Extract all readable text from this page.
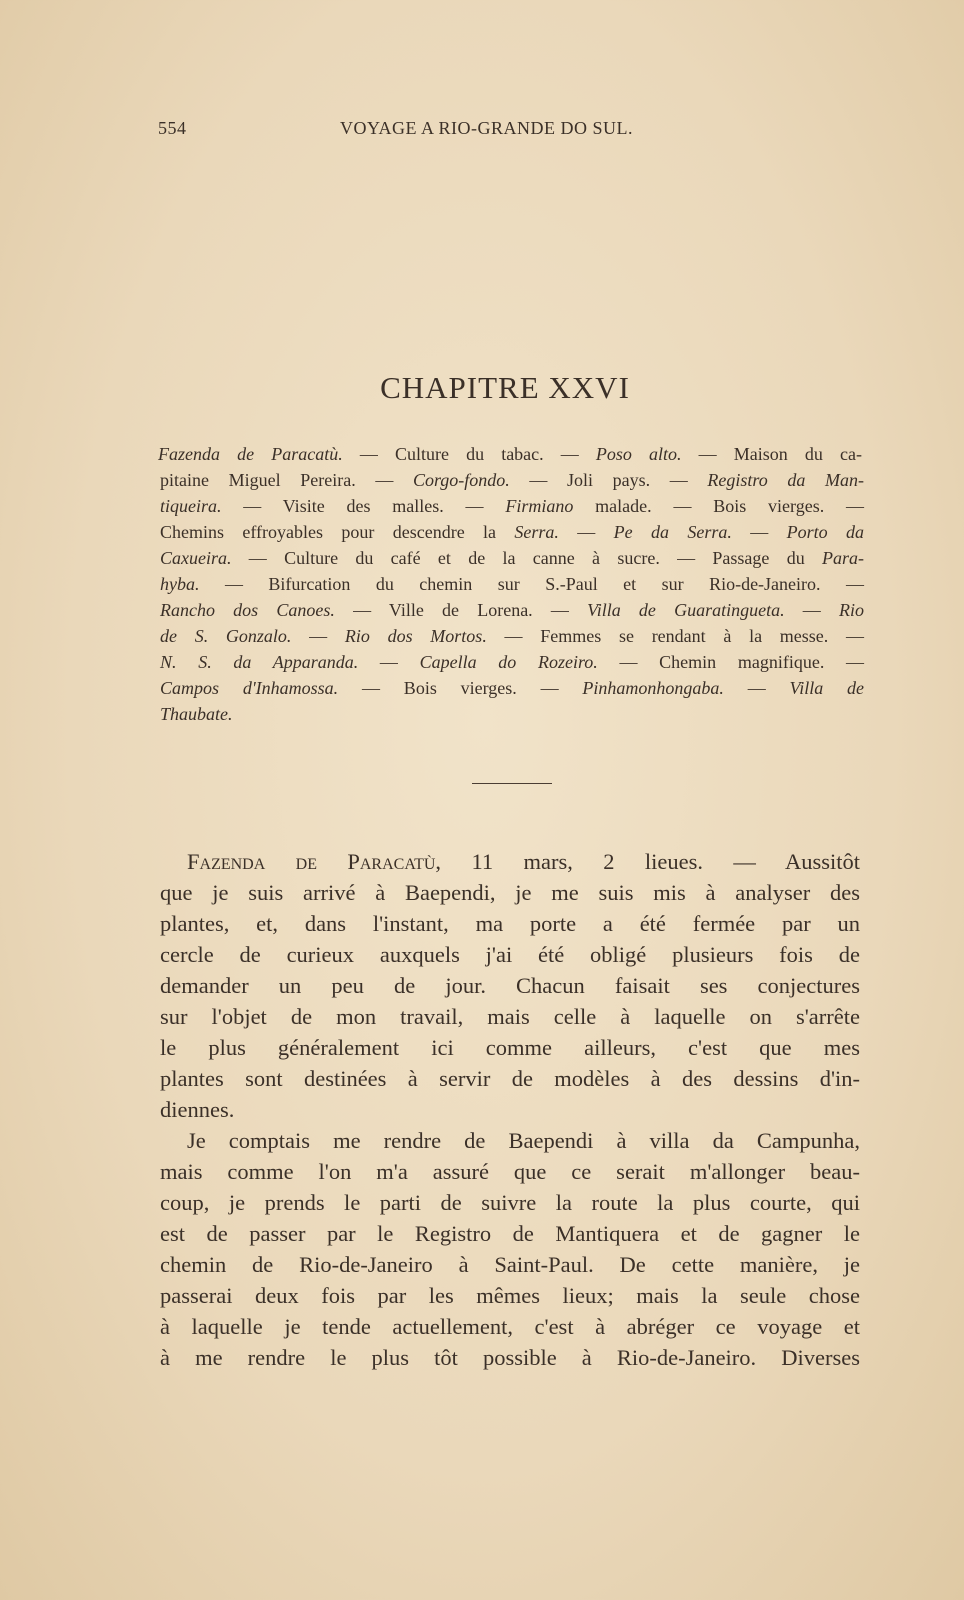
554	VOYAGE A RIO-GRANDE DO SUL.
CHAPITRE XXVI
Fazenda de Paracatù. — Culture du tabac. — Poso alto. — Maison du ca-
pitaine Miguel Pereira. — Corgo-fondo. — Joli pays. — Registro da Man-
tiqueira. — Visite des malles. — Firmiano malade. — Bois vierges. —
Chemins effroyables pour descendre la Serra. — Pe da Serra. — Porto da
Caxueira. — Culture du café et de la canne à sucre. — Passage du Para-
hyba. — Bifurcation du chemin sur S.-Paul et sur Rio-de-Janeiro. —
Rancho dos Canoes. — Ville de Lorena. — Villa de Guaratingueta. — Rio
de S. Gonzalo. — Rio dos Mortos. — Femmes se rendant à la messe. —
N. S. da Apparanda. — Capella do Rozeiro. — Chemin magnifique. —
Campos d'Inhamossa. — Bois vierges. — Pinhamonhongaba. — Villa de
Thaubate.
Fazenda de Paracatù, 11 mars, 2 lieues. — Aussitôt
que je suis arrivé à Baependi, je me suis mis à analyser des
plantes, et, dans l'instant, ma porte a été fermée par un
cercle de curieux auxquels j'ai été obligé plusieurs fois de
demander un peu de jour. Chacun faisait ses conjectures
sur l'objet de mon travail, mais celle à laquelle on s'arrête
le plus généralement ici comme ailleurs, c'est que mes
plantes sont destinées à servir de modèles à des dessins d'in-
diennes.
Je comptais me rendre de Baependi à villa da Campunha,
mais comme l'on m'a assuré que ce serait m'allonger beau-
coup, je prends le parti de suivre la route la plus courte, qui
est de passer par le Registro de Mantiquera et de gagner le
chemin de Rio-de-Janeiro à Saint-Paul. De cette manière, je
passerai deux fois par les mêmes lieux; mais la seule chose
à laquelle je tende actuellement, c'est à abréger ce voyage et
à me rendre le plus tôt possible à Rio-de-Janeiro. Diverses
